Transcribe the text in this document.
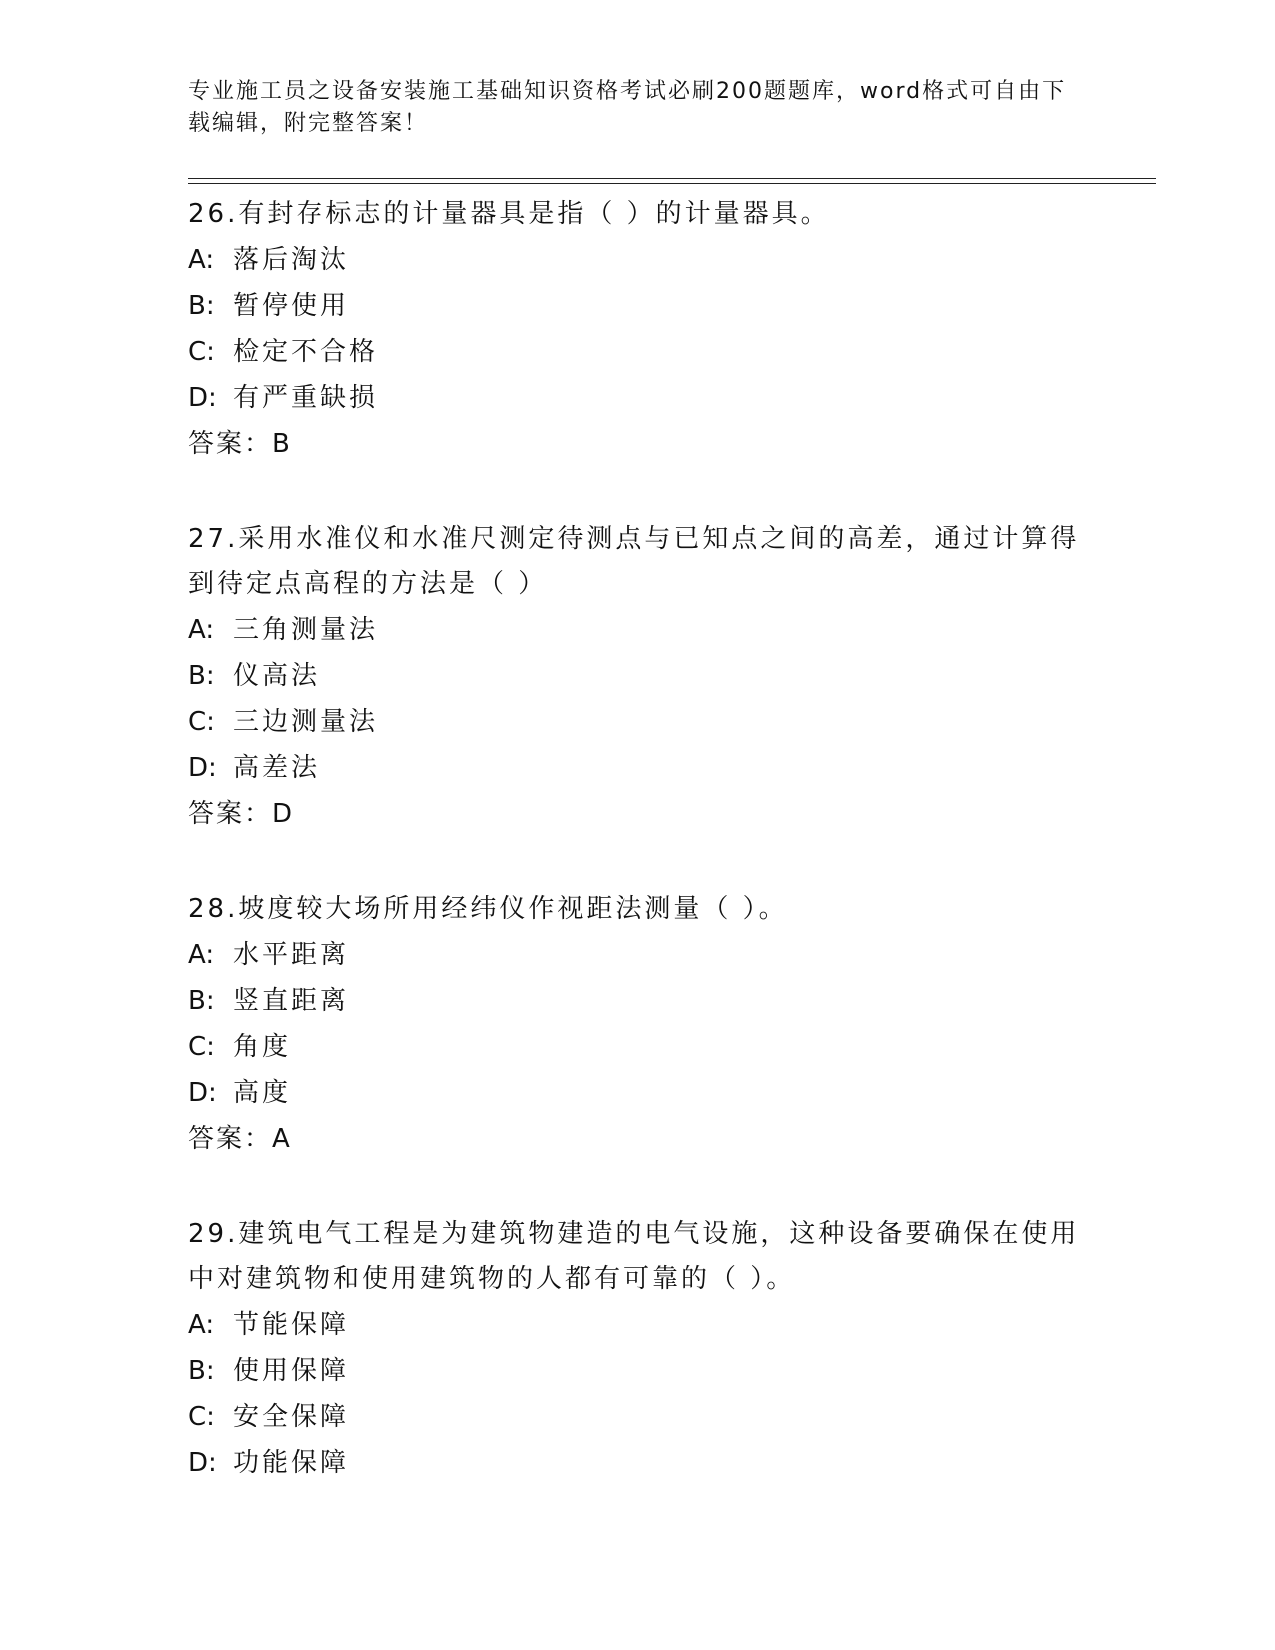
专业施工员之设备安装施工基础知识资格考试必刷200题题库，word格式可自由下载编辑，附完整答案！

26.有封存标志的计量器具是指（ ）的计量器具。

A: 落后淘汰
B: 暂停使用
C: 检定不合格
D: 有严重缺损

答案：B

27.采用水准仪和水准尺测定待测点与已知点之间的高差，通过计算得到待定点高程的方法是（ ）

A: 三角测量法
B: 仪高法
C: 三边测量法
D: 高差法

答案：D

28.坡度较大场所用经纬仪作视距法测量（ ）。

A: 水平距离
B: 竖直距离
C: 角度
D: 高度

答案：A

29.建筑电气工程是为建筑物建造的电气设施，这种设备要确保在使用中对建筑物和使用建筑物的人都有可靠的（ ）。

A: 节能保障
B: 使用保障
C: 安全保障
D: 功能保障
